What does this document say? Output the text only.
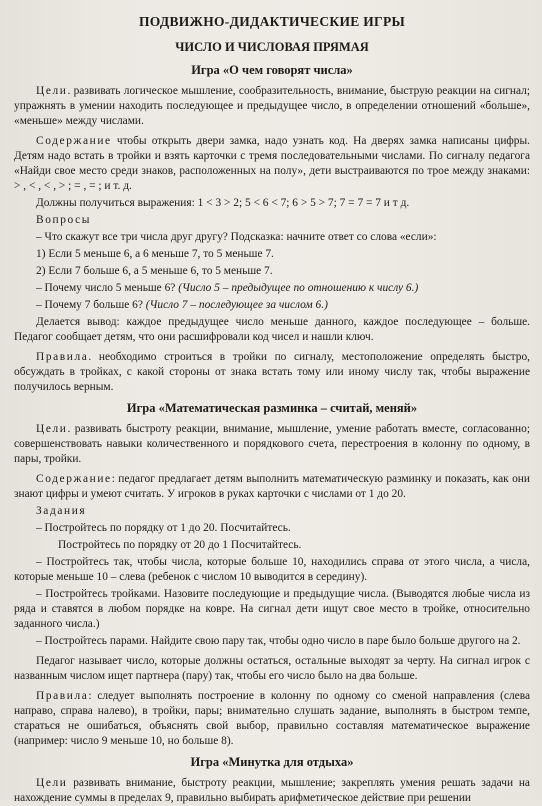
ПОДВИЖНО-ДИДАКТИЧЕСКИЕ ИГРЫ
ЧИСЛО И ЧИСЛОВАЯ ПРЯМАЯ
Игра «О чем говорят числа»

Цели. развивать логическое мышление, сообразительность, внимание, быструю реакции на сигнал; упражнять в умении находить последующее и предыдущее число, в определении отношений «больше», «меньше» между числами.

Содержание чтобы открыть двери замка, надо узнать код. На дверях замка написаны цифры. Детям надо встать в тройки и взять карточки с тремя последовательными числами. По сигналу педагога «Найди свое место среди знаков, расположенных на полу», дети выстраиваются по трое между знаками: > , < , < , > ; = , = ; и т. д.

Должны получиться выражения: 1 < 3 > 2; 5 < 6 < 7; 6 > 5 > 7; 7 = 7 = 7 и т д.

Вопросы

– Что скажут все три числа друг другу? Подсказка: начните ответ со слова «если»:

1) Если 5 меньше 6, а 6 меньше 7, то 5 меньше 7.

2) Если 7 больше 6, а 5 меньше 6, то 5 меньше 7.

– Почему число 5 меньше 6? (Число 5 – предыдущее по отношению к числу 6.)

– Почему 7 больше 6? (Число 7 – последующее за числом 6.)

Делается вывод: каждое предыдущее число меньше данного, каждое последующее – больше. Педагог сообщает детям, что они расшифровали код чисел и нашли ключ.

Правила. необходимо строиться в тройки по сигналу, местоположение определять быстро, обсуждать в тройках, с какой стороны от знака встать тому или иному числу так, чтобы выражение получилось верным.

Игра «Математическая разминка – считай, меняй»

Цели. развивать быстроту реакции, внимание, мышление, умение работать вместе, согласованно; совершенствовать навыки количественного и порядкового счета, перестроения в колонну по одному, в пары, тройки.

Содержание: педагог предлагает детям выполнить математическую разминку и показать, как они знают цифры и умеют считать. У игроков в руках карточки с числами от 1 до 20.

Задания

– Постройтесь по порядку от 1 до 20. Посчитайтесь.

Постройтесь по порядку от 20 до 1 Посчитайтесь.

– Постройтесь так, чтобы числа, которые больше 10, находились справа от этого числа, а числа, которые меньше 10 – слева (ребенок с числом 10 выводится в середину).

– Постройтесь тройками. Назовите последующие и предыдущие числа. (Выводятся любые числа из ряда и ставятся в любом порядке на ковре. На сигнал дети ищут свое место в тройке, относительно заданного числа.)

– Постройтесь парами. Найдите свою пару так, чтобы одно число в паре было больше другого на 2.

Педагог называет число, которые должны остаться, остальные выходят за черту. На сигнал игрок с названным числом ищет партнера (пару) так, чтобы его число было на два больше.

Правила: следует выполнять построение в колонну по одному со сменой направления (слева направо, справа налево), в тройки, пары; внимательно слушать задание, выполнять в быстром темпе, стараться не ошибаться, объяснять свой выбор, правильно составляя математическое выражение (например: число 9 меньше 10, но больше 8).

Игра «Минутка для отдыха»

Цели развивать внимание, быстроту реакции, мышление; закреплять умения решать задачи на нахождение суммы в пределах 9, правильно выбирать арифметическое действие при решении
